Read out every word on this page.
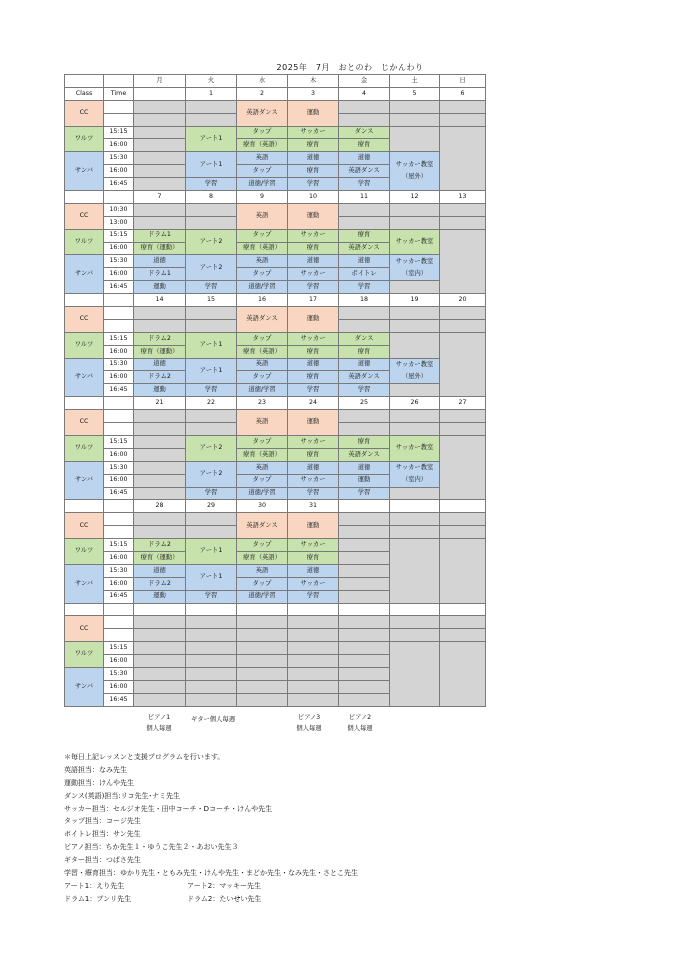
2025年　7月　おとのわ　じかんわり
		月	火	水	木	金	土	日
Class	Time		1	2	3	4	5	6
CC				英語ダンス	運動			

ワルツ	15:15		アート1	タップ	サッカー	ダンス		
	16:00			療育（英語）	療育	療育		
サンバ	15:30		アート1	英語	道徳	道徳	サッカー教室
（屋外）	
	16:00			タップ	療育	英語ダンス		
	16:45		学習	道徳/学習	学習	学習		
		7	8	9	10	11	12	13
CC	10:30			英語	運動			
	13:00							
ワルツ	15:15	ドラム1	アート2	タップ	サッカー	療育	サッカー教室	
	16:00	療育（運動）		療育（英語）	療育	英語ダンス		
サンバ	15:30	道徳	アート2	英語	道徳	道徳	サッカー教室
（室内）	
	16:00	ドラム1		タップ	サッカー	ボイトレ		
	16:45	運動	学習	道徳/学習	学習	学習		
		14	15	16	17	18	19	20
CC				英語ダンス	運動			

ワルツ	15:15	ドラム2	アート1	タップ	サッカー	ダンス		
	16:00	療育（運動）		療育（英語）	療育	療育		
サンバ	15:30	道徳	アート1	英語	道徳	道徳	サッカー教室
（屋外）	
	16:00	ドラム2		タップ	療育	英語ダンス		
	16:45	運動	学習	道徳/学習	学習	学習		
		21	22	23	24	25	26	27
CC				英語	運動			

ワルツ	15:15		アート2	タップ	サッカー	療育	サッカー教室	
	16:00			療育（英語）	療育	英語ダンス		
サンバ	15:30		アート2	英語	道徳	道徳	サッカー教室
（室内）	
	16:00			タップ	サッカー	運動		
	16:45		学習	道徳/学習	学習	学習		
		28	29	30	31			
CC				英語ダンス	運動			

ワルツ	15:15	ドラム2	アート1	タップ	サッカー			
	16:00	療育（運動）		療育（英語）	療育			
サンバ	15:30	道徳	アート1	英語	道徳			
	16:00	ドラム2		タップ	サッカー			
	16:45	運動	学習	道徳/学習	学習			

CC								

ワルツ	15:15							
	16:00							
サンバ	15:30							
	16:00							
	16:45							
ピアノ1
個人毎週
ギター個人毎週	ピアノ3
個人毎週
ピアノ2
個人毎週
＊毎日上記レッスンと支援プログラムを行います。
英語担当：なみ先生
運動担当：けんや先生
ダンス(英語)担当:リコ先生･ナミ先生
サッカー担当：セルジオ先生・田中コーチ・Dコーチ・けんや先生
タップ担当：コージ先生
ボイトレ担当：サン先生
ピアノ担当：ちか先生１・ゆうこ先生２・あおい先生３
ギター担当：つばさ先生
学習・療育担当：ゆかり先生・ともみ先生・けんや先生・まどか先生・なみ先生・さとこ先生
アート1：えり先生	アート2：マッキー先生
ドラム1：ブンリ先生	ドラム2：たいせい先生
